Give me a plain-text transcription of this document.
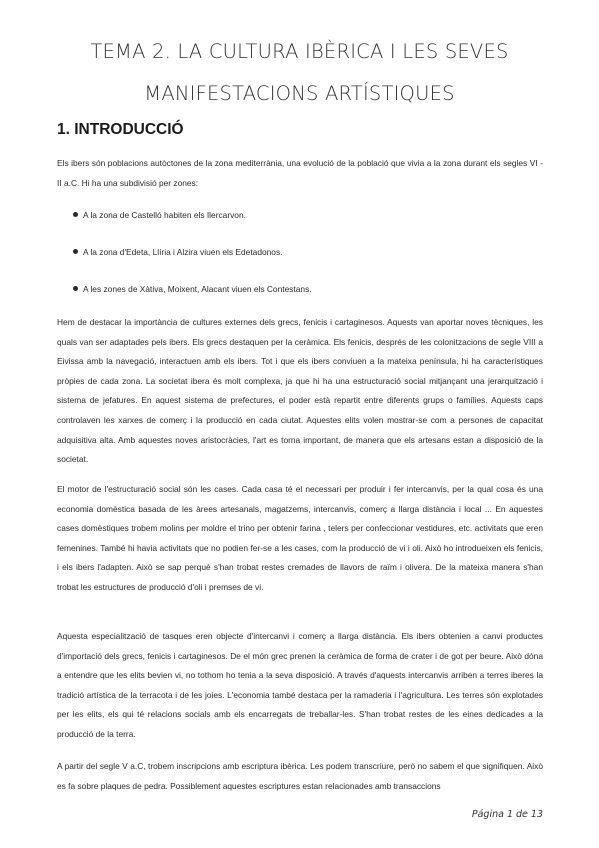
TEMA 2. LA CULTURA IBÈRICA I LES SEVES
MANIFESTACIONS ARTÍSTIQUES
1. INTRODUCCIÓ

Els ibers són poblacions autòctones de la zona mediterrània, una evolució de la població que vivia a la zona durant els segles VI - II a.C. Hi ha una subdivisió per zones:

A la zona de Castelló habiten els Ilercarvon.
A la zona d'Edeta, Llíria i Alzira viuen els Edetadonos.
A les zones de Xàtiva, Moixent, Alacant viuen els Contestans.

Hem de destacar la importància de cultures externes dels grecs, fenicis i cartaginesos. Aquests van aportar noves tècniques, les quals van ser adaptades pels ibers. Els grecs destaquen per la ceràmica. Els fenicis, després de les colonitzacions de segle VIII a Eivissa amb la navegació, interactuen amb els ibers. Tot i que els ibers conviuen a la mateixa península, hi ha característiques pròpies de cada zona. La societat ibera és molt complexa, ja que hi ha una estructuració social mitjançant una jerarquització i sistema de jefatures. En aquest sistema de prefectures, el poder està repartit entre diferents grups o famílies. Aquests caps controlaven les xarxes de comerç i la producció en cada ciutat. Aquestes elits volen mostrar-se com a persones de capacitat adquisitiva alta. Amb aquestes noves aristocràcies, l'art es torna important, de manera que els artesans estan a disposició de la societat.

El motor de l'estructuració social són les cases. Cada casa té el necessari per produir i fer intercanvis, per la qual cosa és una economia domèstica basada de les àrees artesanals, magatzems, intercanvis, comerç a llarga distància i local ... En aquestes cases domèstiques trobem molins per moldre el trino per obtenir farina , telers per confeccionar vestidures, etc. activitats que eren femenines. També hi havia activitats que no podien fer-se a les cases, com la producció de vi i oli. Això ho introdueixen els fenicis, i els ibers l'adapten. Això se sap perquè s'han trobat restes cremades de llavors de raïm i olivera. De la mateixa manera s'han trobat les estructures de producció d'oli i premses de vi.

Aquesta especialització de tasques eren objecte d'intercanvi i comerç a llarga distància. Els ibers obtenien a canvi productes d'importació dels grecs, fenicis i cartaginesos. De el món grec prenen la ceràmica de forma de crater i de got per beure. Això dóna a entendre que les elits bevien vi, no tothom ho tenia a la seva disposició. A través d'aquests intercanvis arriben a terres iberes la tradició artística de la terracota i de les joies. L'economia també destaca per la ramaderia i l'agricultura. Les terres són explotades per les elits, els qui té relacions socials amb els encarregats de treballar-les. S'han trobat restes de les eines dedicades a la producció de la terra.

A partir del segle V a.C, trobem inscripcions amb escriptura ibèrica. Les podem transcriure, però no sabem el que signifiquen. Això es fa sobre plaques de pedra. Possiblement aquestes escriptures estan relacionades amb transaccions

Página 1 de 13
